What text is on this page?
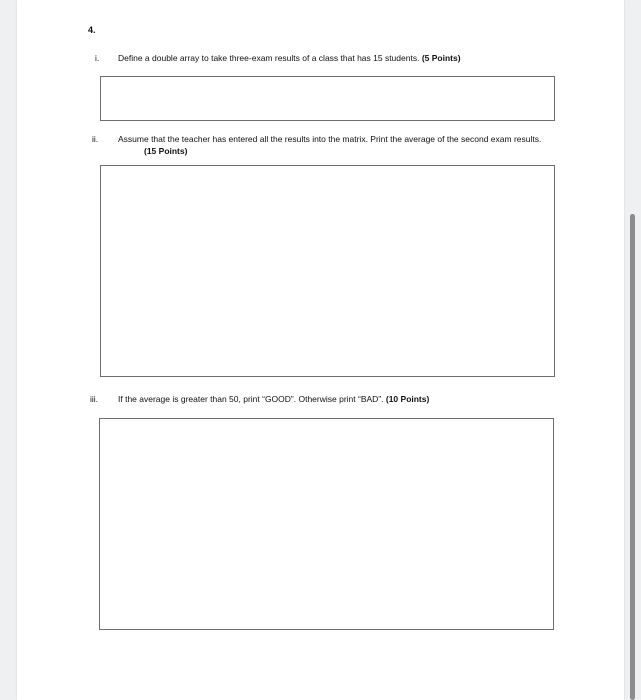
4.
i. Define a double array to take three-exam results of a class that has 15 students. (5 Points)
ii. Assume that the teacher has entered all the results into the matrix. Print the average of the second exam results.(15 Points)
iii. If the average is greater than 50, print “GOOD”. Otherwise print “BAD”. (10 Points)
